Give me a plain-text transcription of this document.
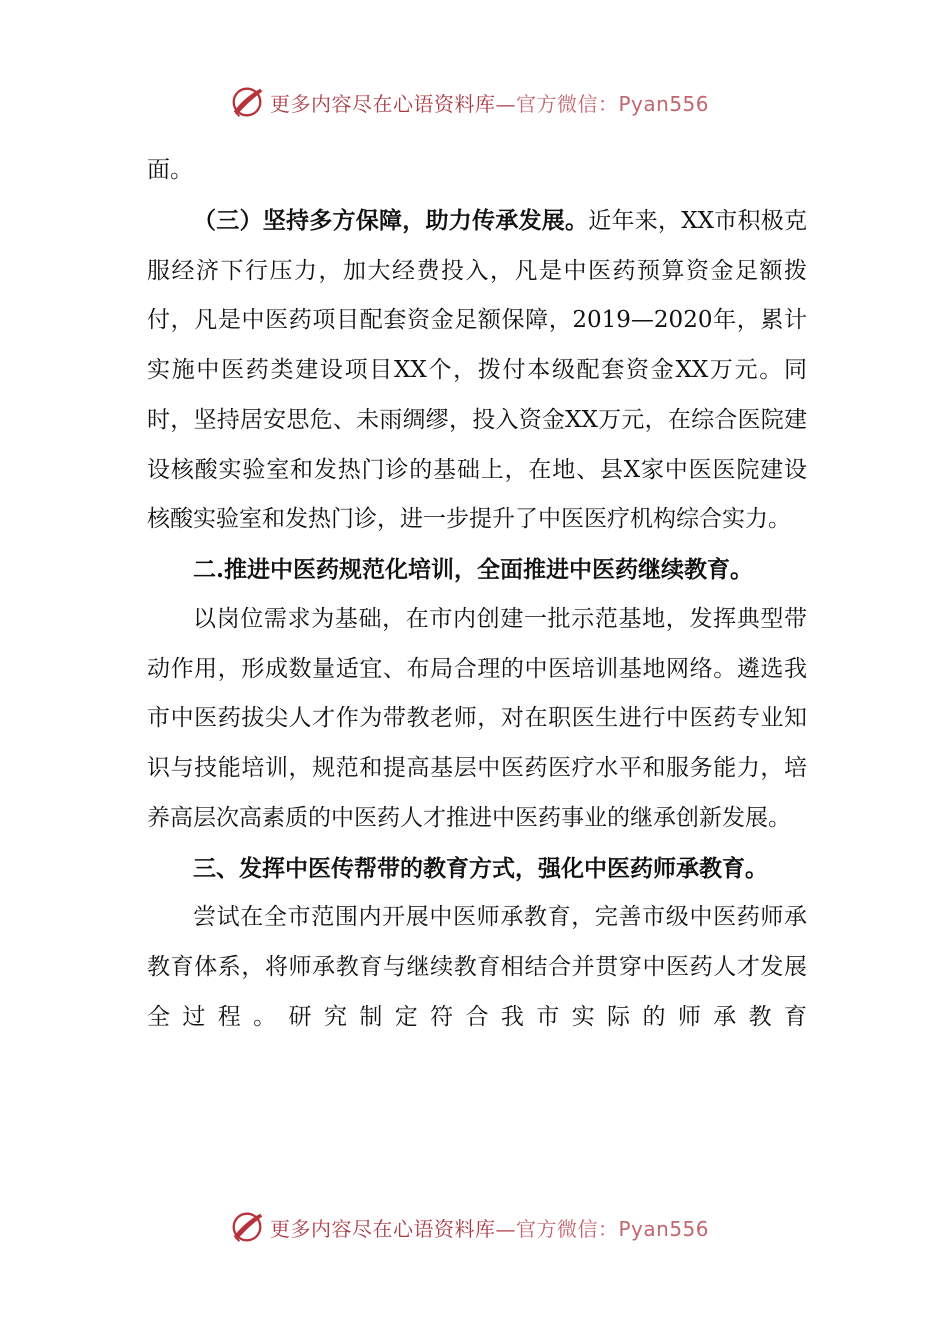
更多内容尽在心语资料库—官方微信：Pyan556

面。

（三）坚持多方保障，助力传承发展。近年来，XX市积极克服经济下行压力，加大经费投入，凡是中医药预算资金足额拨付，凡是中医药项目配套资金足额保障，2019—2020年，累计实施中医药类建设项目XX个，拨付本级配套资金XX万元。同时，坚持居安思危、未雨绸缪，投入资金XX万元，在综合医院建设核酸实验室和发热门诊的基础上，在地、县X家中医医院建设核酸实验室和发热门诊，进一步提升了中医医疗机构综合实力。

二.推进中医药规范化培训，全面推进中医药继续教育。

以岗位需求为基础，在市内创建一批示范基地，发挥典型带动作用，形成数量适宜、布局合理的中医培训基地网络。遴选我市中医药拔尖人才作为带教老师，对在职医生进行中医药专业知识与技能培训，规范和提高基层中医药医疗水平和服务能力，培养高层次高素质的中医药人才推进中医药事业的继承创新发展。

三、发挥中医传帮带的教育方式，强化中医药师承教育。

尝试在全市范围内开展中医师承教育，完善市级中医药师承教育体系，将师承教育与继续教育相结合并贯穿中医药人才发展全过程。研究制定符合我市实际的师承教育

更多内容尽在心语资料库—官方微信：Pyan556
